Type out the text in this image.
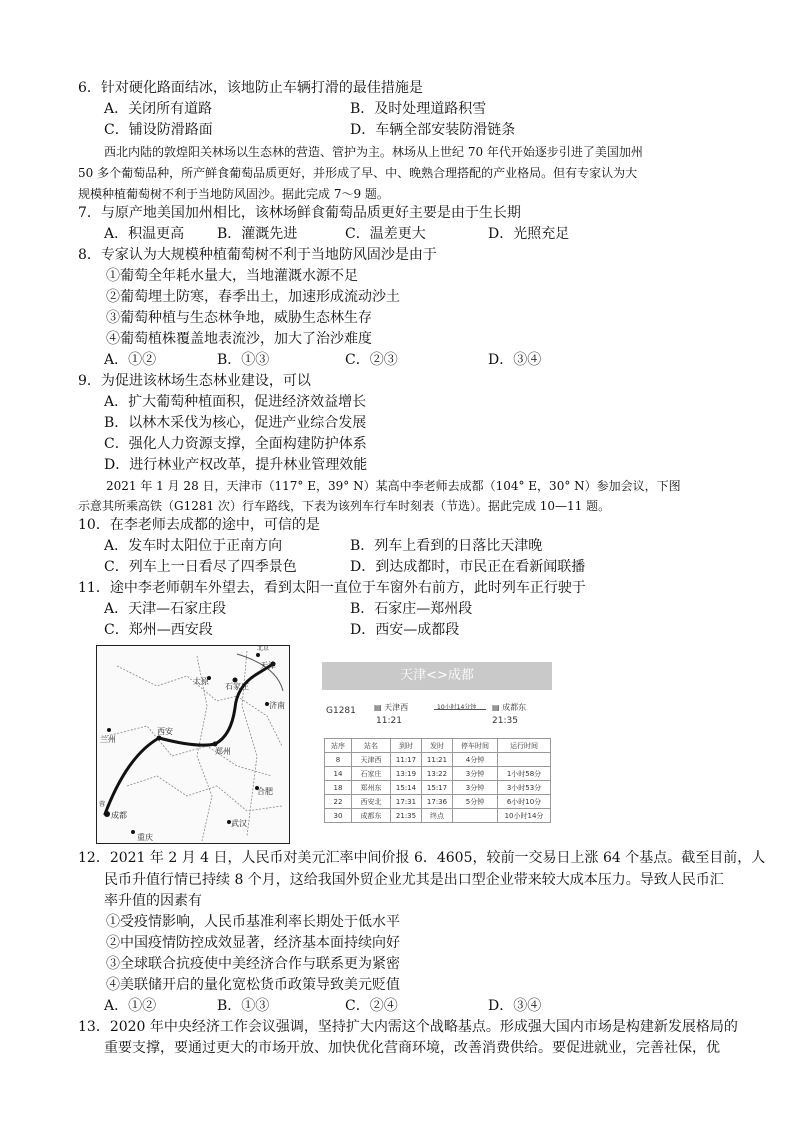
6．针对硬化路面结冰，该地防止车辆打滑的最佳措施是
A．关闭所有道路	B．及时处理道路积雪
C．铺设防滑路面	D．车辆全部安装防滑链条
西北内陆的敦煌阳关林场以生态林的营造、管护为主。林场从上世纪 70 年代开始逐步引进了美国加州
50 多个葡萄品种，所产鲜食葡萄品质更好，并形成了早、中、晚熟合理搭配的产业格局。但有专家认为大
规模种植葡萄树不利于当地防风固沙。据此完成 7～9 题。
7．与原产地美国加州相比，该林场鲜食葡萄品质更好主要是由于生长期
A．积温更高 B．灌溉先进	C．温差更大	D．光照充足
8．专家认为大规模种植葡萄树不利于当地防风固沙是由于
①葡萄全年耗水量大，当地灌溉水源不足
②葡萄埋土防寒，春季出土，加速形成流动沙土
③葡萄种植与生态林争地，威胁生态林生存
④葡萄植株覆盖地表流沙，加大了治沙难度
A．①②	B．①③	C．②③	D．③④
9．为促进该林场生态林业建设，可以
A．扩大葡萄种植面积，促进经济效益增长
B．以林木采伐为核心，促进产业综合发展
C．强化人力资源支撑，全面构建防护体系
D．进行林业产权改革，提升林业管理效能
2021 年 1 月 28 日，天津市（117° E，39° N）某高中李老师去成都（104° E，30° N）参加会议，下图
示意其所乘高铁（G1281 次）行车路线，下表为该列车行车时刻表（节选）。据此完成 10—11 题。
10．在李老师去成都的途中，可信的是
A．发车时太阳位于正南方向	B．列车上看到的日落比天津晚
C．列车上一日看尽了四季景色	D．到达成都时，市民正在看新闻联播
11．途中李老师朝车外望去，看到太阳一直位于车窗外右前方，此时列车正行驶于
A．天津—石家庄段	B．石家庄—郑州段
C．郑州—西安段	D．西安—成都段
天津
北京
太原
石家庄
济南
兰州
西安
郑州
合肥
成都
武汉
重庆
蓉
天津<>成都
G1281 ▤ 天津西
11:21
10小时14分钟 ▤ 成都东
21:35
站序	站名	到时	发时	停车时间	运行时间
8	天津西	11:17	11:21	4分钟	
14	石家庄	13:19	13:22	3分钟	1小时58分
18	郑州东	15:14	15:17	3分钟	3小时53分
22	西安北	17:31	17:36	5分钟	6小时10分
30	成都东	21:35	终点		10小时14分
12．2021 年 2 月 4 日，人民币对美元汇率中间价报 6．4605，较前一交易日上涨 64 个基点。截至目前，人
民币升值行情已持续 8 个月，这给我国外贸企业尤其是出口型企业带来较大成本压力。导致人民币汇
率升值的因素有
①受疫情影响，人民币基准利率长期处于低水平
②中国疫情防控成效显著，经济基本面持续向好
③全球联合抗疫使中美经济合作与联系更为紧密
④美联储开启的量化宽松货币政策导致美元贬值
A．①②	B．①③	C．②④	D．③④
13．2020 年中央经济工作会议强调，坚持扩大内需这个战略基点。形成强大国内市场是构建新发展格局的
重要支撑，要通过更大的市场开放、加快优化营商环境，改善消费供给。要促进就业，完善社保，优
